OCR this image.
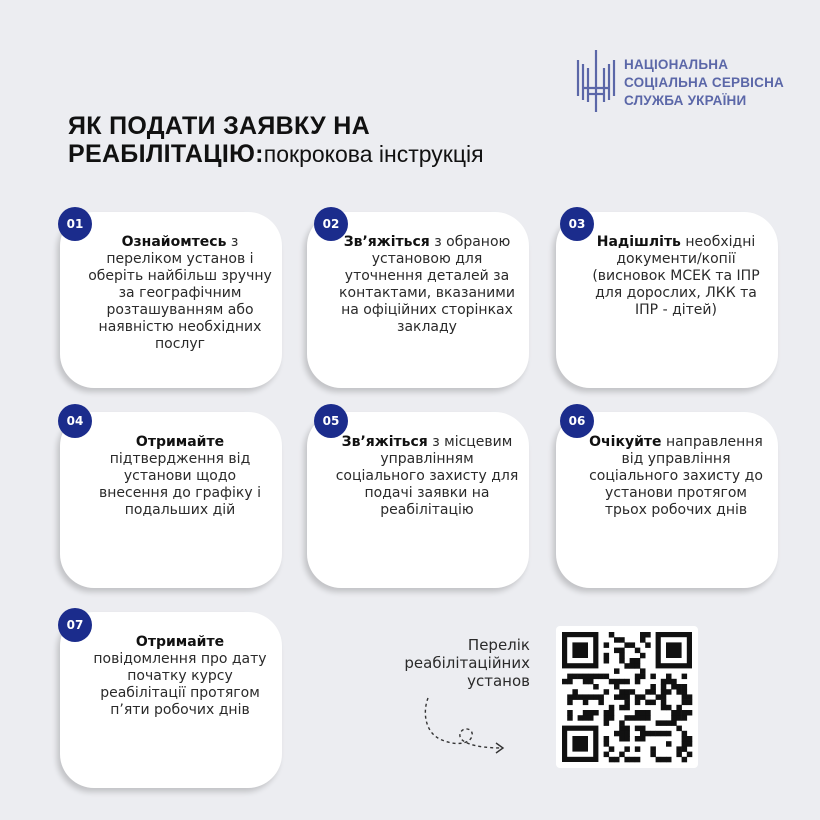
НАЦІОНАЛЬНА
СОЦІАЛЬНА СЕРВІСНА
СЛУЖБА УКРАЇНИ
ЯК ПОДАТИ ЗАЯВКУ НА
РЕАБІЛІТАЦІЮ:покрокова інструкція
Ознайомтесь з переліком установ і оберіть найбільш зручну за географічним розташуванням або наявністю необхідних послуг
01
Зв’яжіться з обраною установою для уточнення деталей за контактами, вказаними на офіційних сторінках закладу
02
Надішліть необхідні документи/копії (висновок МСЕК та ІПР для дорослих, ЛКК та ІПР - дітей)
03
Отримайте підтвердження від установи щодо внесення до графіку і подальших дій
04
Зв’яжіться з місцевим управлінням соціального захисту для подачі заявки на реабілітацію
05
Очікуйте направлення від управління соціального захисту до установи протягом трьох робочих днів
06
Отримайте повідомлення про дату початку курсу реабілітації протягом п’яти робочих днів
07
Перелік реабілітаційних установ
